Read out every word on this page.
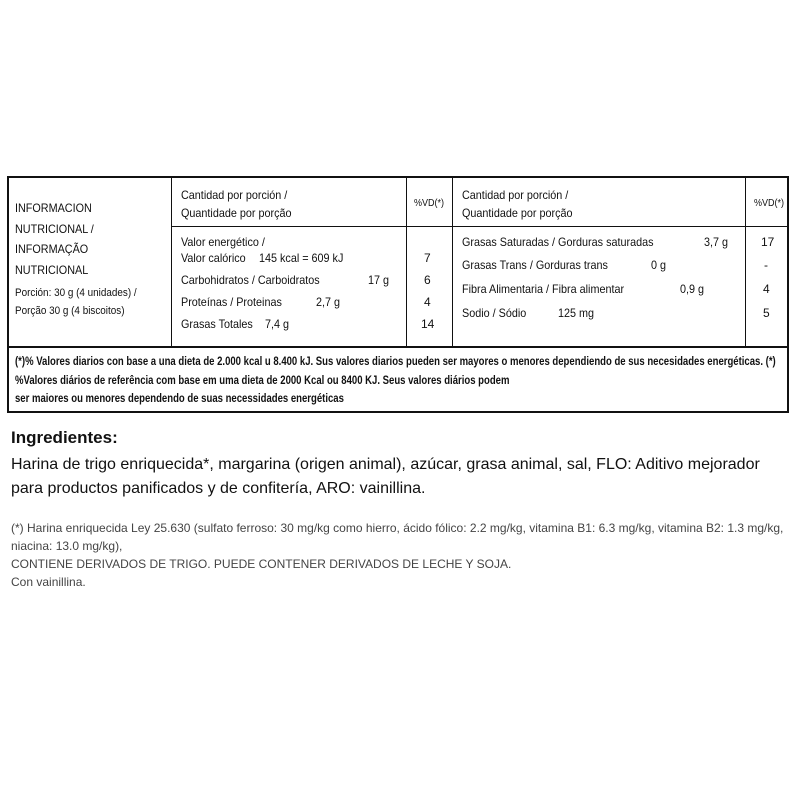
INFORMACION
NUTRICIONAL /
INFORMAÇÃO
NUTRICIONAL
Porción: 30 g (4 unidades) /
Porção 30 g (4 biscoitos)
Cantidad por porción /
Quantidade por porção
%VD(*)
Cantidad por porción /
Quantidade por porção
%VD(*)
Valor energético /
Valor calórico	145 kcal = 609 kJ	7
Carbohidratos / Carboidratos	17 g	6
Proteínas / Proteinas	2,7 g	4
Grasas Totales	7,4 g	14
Grasas Saturadas / Gorduras saturadas	3,7 g	17
Grasas Trans / Gorduras trans	0 g	-
Fibra Alimentaria / Fibra alimentar	0,9 g	4
Sodio / Sódio	125 mg	5
(*)% Valores diarios con base a una dieta de 2.000 kcal u 8.400 kJ. Sus valores diarios pueden ser mayores o menores dependiendo de sus necesidades energéticas. (*)
%Valores diários de referência com base em uma dieta de 2000 Kcal ou 8400 KJ. Seus valores diários podem
ser maiores ou menores dependendo de suas necessidades energéticas
Ingredientes:
Harina de trigo enriquecida*, margarina (origen animal), azúcar, grasa animal, sal, FLO: Aditivo mejorador para productos panificados y de confitería, ARO: vainillina.
(*) Harina enriquecida Ley 25.630 (sulfato ferroso: 30 mg/kg como hierro, ácido fólico: 2.2 mg/kg, vitamina B1: 6.3 mg/kg, vitamina B2: 1.3 mg/kg, niacina: 13.0 mg/kg),
CONTIENE DERIVADOS DE TRIGO. PUEDE CONTENER DERIVADOS DE LECHE Y SOJA.
Con vainillina.
